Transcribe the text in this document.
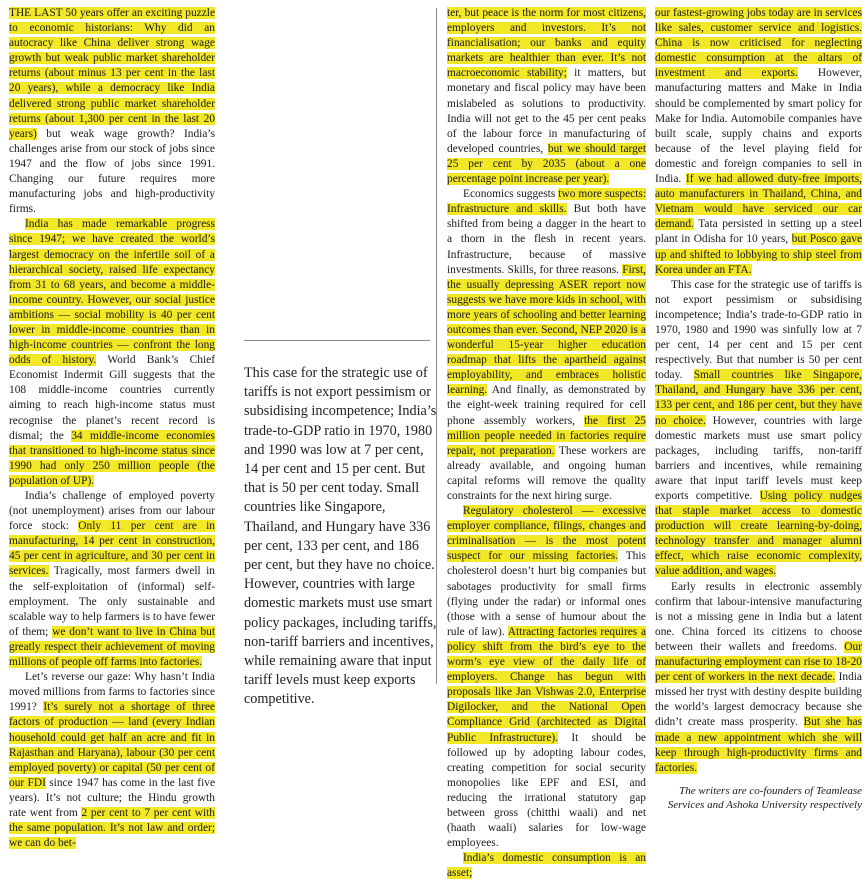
THE LAST 50 years offer an exciting puzzle to economic historians: Why did an autocracy like China deliver strong wage growth but weak public market shareholder returns (about minus 13 per cent in the last 20 years), while a democracy like India delivered strong public market shareholder returns (about 1,300 per cent in the last 20 years) but weak wage growth? India’s challenges arise from our stock of jobs since 1947 and the flow of jobs since 1991. Changing our future requires more manufacturing jobs and high-productivity firms.

India has made remarkable progress since 1947; we have created the world’s largest democracy on the infertile soil of a hierarchical society, raised life expectancy from 31 to 68 years, and become a middle-income country. However, our social justice ambitions — social mobility is 40 per cent lower in middle-income countries than in high-income countries — confront the long odds of history. World Bank’s Chief Economist Indermit Gill suggests that the 108 middle-income countries currently aiming to reach high-income status must recognise the planet’s recent record is dismal; the 34 middle-income economies that transitioned to high-income status since 1990 had only 250 million people (the population of UP).

India’s challenge of employed poverty (not unemployment) arises from our labour force stock: Only 11 per cent are in manufacturing, 14 per cent in construction, 45 per cent in agriculture, and 30 per cent in services. Tragically, most farmers dwell in the self-exploitation of (informal) self-employment. The only sustainable and scalable way to help farmers is to have fewer of them; we don’t want to live in China but greatly respect their achievement of moving millions of people off farms into factories.

Let’s reverse our gaze: Why hasn’t India moved millions from farms to factories since 1991? It’s surely not a shortage of three factors of production — land (every Indian household could get half an acre and fit in Rajasthan and Haryana), labour (30 per cent employed poverty) or capital (50 per cent of our FDI since 1947 has come in the last five years). It’s not culture; the Hindu growth rate went from 2 per cent to 7 per cent with the same population. It’s not law and order; we can do bet-

This case for the strategic use of tariffs is not export pessimism or subsidising incompetence; India’s trade-to-GDP ratio in 1970, 1980 and 1990 was low at 7 per cent, 14 per cent and 15 per cent. But that is 50 per cent today. Small countries like Singapore, Thailand, and Hungary have 336 per cent, 133 per cent, and 186 per cent, but they have no choice. However, countries with large domestic markets must use smart policy packages, including tariffs, non-tariff barriers and incentives, while remaining aware that input tariff levels must keep exports competitive.

ter, but peace is the norm for most citizens, employers and investors. It’s not financialisation; our banks and equity markets are healthier than ever. It’s not macroeconomic stability; it matters, but monetary and fiscal policy may have been mislabeled as solutions to productivity. India will not get to the 45 per cent peaks of the labour force in manufacturing of developed countries, but we should target 25 per cent by 2035 (about a one percentage point increase per year).

Economics suggests two more suspects: Infrastructure and skills. But both have shifted from being a dagger in the heart to a thorn in the flesh in recent years. Infrastructure, because of massive investments. Skills, for three reasons. First, the usually depressing ASER report now suggests we have more kids in school, with more years of schooling and better learning outcomes than ever. Second, NEP 2020 is a wonderful 15-year higher education roadmap that lifts the apartheid against employability, and embraces holistic learning. And finally, as demonstrated by the eight-week training required for cell phone assembly workers, the first 25 million people needed in factories require repair, not preparation. These workers are already available, and ongoing human capital reforms will remove the quality constraints for the next hiring surge.

Regulatory cholesterol — excessive employer compliance, filings, changes and criminalisation — is the most potent suspect for our missing factories. This cholesterol doesn’t hurt big companies but sabotages productivity for small firms (flying under the radar) or informal ones (those with a sense of humour about the rule of law). Attracting factories requires a policy shift from the bird’s eye to the worm’s eye view of the daily life of employers. Change has begun with proposals like Jan Vishwas 2.0, Enterprise Digilocker, and the National Open Compliance Grid (architected as Digital Public Infrastructure). It should be followed up by adopting labour codes, creating competition for social security monopolies like EPF and ESI, and reducing the irrational statutory gap between gross (chitthi waali) and net (haath waali) salaries for low-wage employees.

India’s domestic consumption is an asset;

our fastest-growing jobs today are in services like sales, customer service and logistics. China is now criticised for neglecting domestic consumption at the altars of investment and exports. However, manufacturing matters and Make in India should be complemented by smart policy for Make for India. Automobile companies have built scale, supply chains and exports because of the level playing field for domestic and foreign companies to sell in India. If we had allowed duty-free imports, auto manufacturers in Thailand, China, and Vietnam would have serviced our car demand. Tata persisted in setting up a steel plant in Odisha for 10 years, but Posco gave up and shifted to lobbying to ship steel from Korea under an FTA.

This case for the strategic use of tariffs is not export pessimism or subsidising incompetence; India’s trade-to-GDP ratio in 1970, 1980 and 1990 was sinfully low at 7 per cent, 14 per cent and 15 per cent respectively. But that number is 50 per cent today. Small countries like Singapore, Thailand, and Hungary have 336 per cent, 133 per cent, and 186 per cent, but they have no choice. However, countries with large domestic markets must use smart policy packages, including tariffs, non-tariff barriers and incentives, while remaining aware that input tariff levels must keep exports competitive. Using policy nudges that staple market access to domestic production will create learning-by-doing, technology transfer and manager alumni effect, which raise economic complexity, value addition, and wages.

Early results in electronic assembly confirm that labour-intensive manufacturing is not a missing gene in India but a latent one. China forced its citizens to choose between their wallets and freedoms. Our manufacturing employment can rise to 18-20 per cent of workers in the next decade. India missed her tryst with destiny despite building the world’s largest democracy because she didn’t create mass prosperity. But she has made a new appointment which she will keep through high-productivity firms and factories.

The writers are co-founders of Teamlease Services and Ashoka University respectively
